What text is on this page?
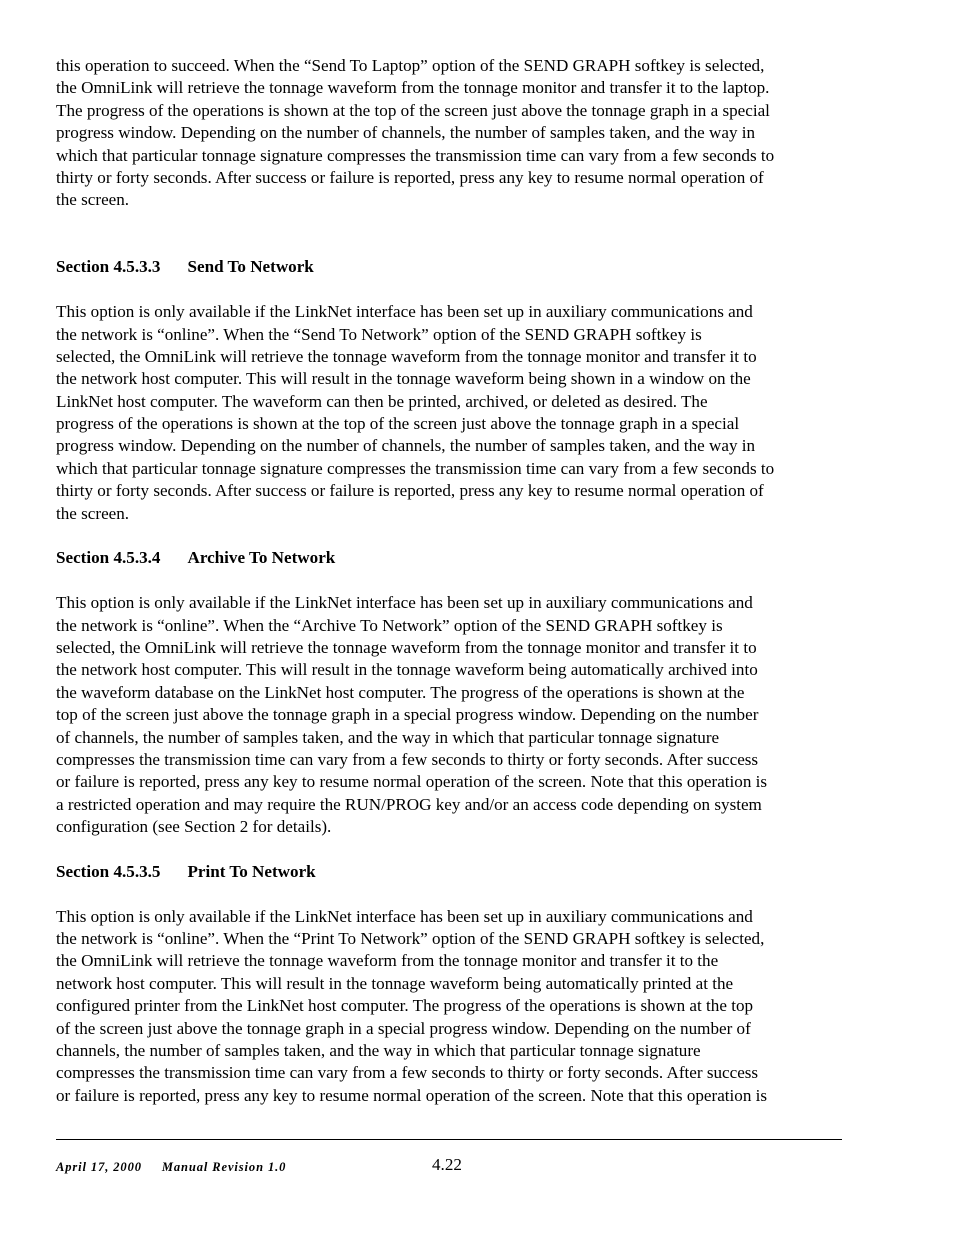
this operation to succeed. When the “Send To Laptop” option of the SEND GRAPH softkey is selected,
the OmniLink will retrieve the tonnage waveform from the tonnage monitor and transfer it to the laptop.
The progress of the operations is shown at the top of the screen just above the tonnage graph in a special
progress window. Depending on the number of channels, the number of samples taken, and the way in
which that particular tonnage signature compresses the transmission time can vary from a few seconds to
thirty or forty seconds. After success or failure is reported, press any key to resume normal operation of
the screen.

Section 4.5.3.3 Send To Network

This option is only available if the LinkNet interface has been set up in auxiliary communications and
the network is “online”. When the “Send To Network” option of the SEND GRAPH softkey is
selected, the OmniLink will retrieve the tonnage waveform from the tonnage monitor and transfer it to
the network host computer. This will result in the tonnage waveform being shown in a window on the
LinkNet host computer. The waveform can then be printed, archived, or deleted as desired. The
progress of the operations is shown at the top of the screen just above the tonnage graph in a special
progress window. Depending on the number of channels, the number of samples taken, and the way in
which that particular tonnage signature compresses the transmission time can vary from a few seconds to
thirty or forty seconds. After success or failure is reported, press any key to resume normal operation of
the screen.

Section 4.5.3.4 Archive To Network

This option is only available if the LinkNet interface has been set up in auxiliary communications and
the network is “online”. When the “Archive To Network” option of the SEND GRAPH softkey is
selected, the OmniLink will retrieve the tonnage waveform from the tonnage monitor and transfer it to
the network host computer. This will result in the tonnage waveform being automatically archived into
the waveform database on the LinkNet host computer. The progress of the operations is shown at the
top of the screen just above the tonnage graph in a special progress window. Depending on the number
of channels, the number of samples taken, and the way in which that particular tonnage signature
compresses the transmission time can vary from a few seconds to thirty or forty seconds. After success
or failure is reported, press any key to resume normal operation of the screen. Note that this operation is
a restricted operation and may require the RUN/PROG key and/or an access code depending on system
configuration (see Section 2 for details).

Section 4.5.3.5 Print To Network

This option is only available if the LinkNet interface has been set up in auxiliary communications and
the network is “online”. When the “Print To Network” option of the SEND GRAPH softkey is selected,
the OmniLink will retrieve the tonnage waveform from the tonnage monitor and transfer it to the
network host computer. This will result in the tonnage waveform being automatically printed at the
configured printer from the LinkNet host computer. The progress of the operations is shown at the top
of the screen just above the tonnage graph in a special progress window. Depending on the number of
channels, the number of samples taken, and the way in which that particular tonnage signature
compresses the transmission time can vary from a few seconds to thirty or forty seconds. After success
or failure is reported, press any key to resume normal operation of the screen. Note that this operation is

April 17, 2000 Manual Revision 1.0	4.22
